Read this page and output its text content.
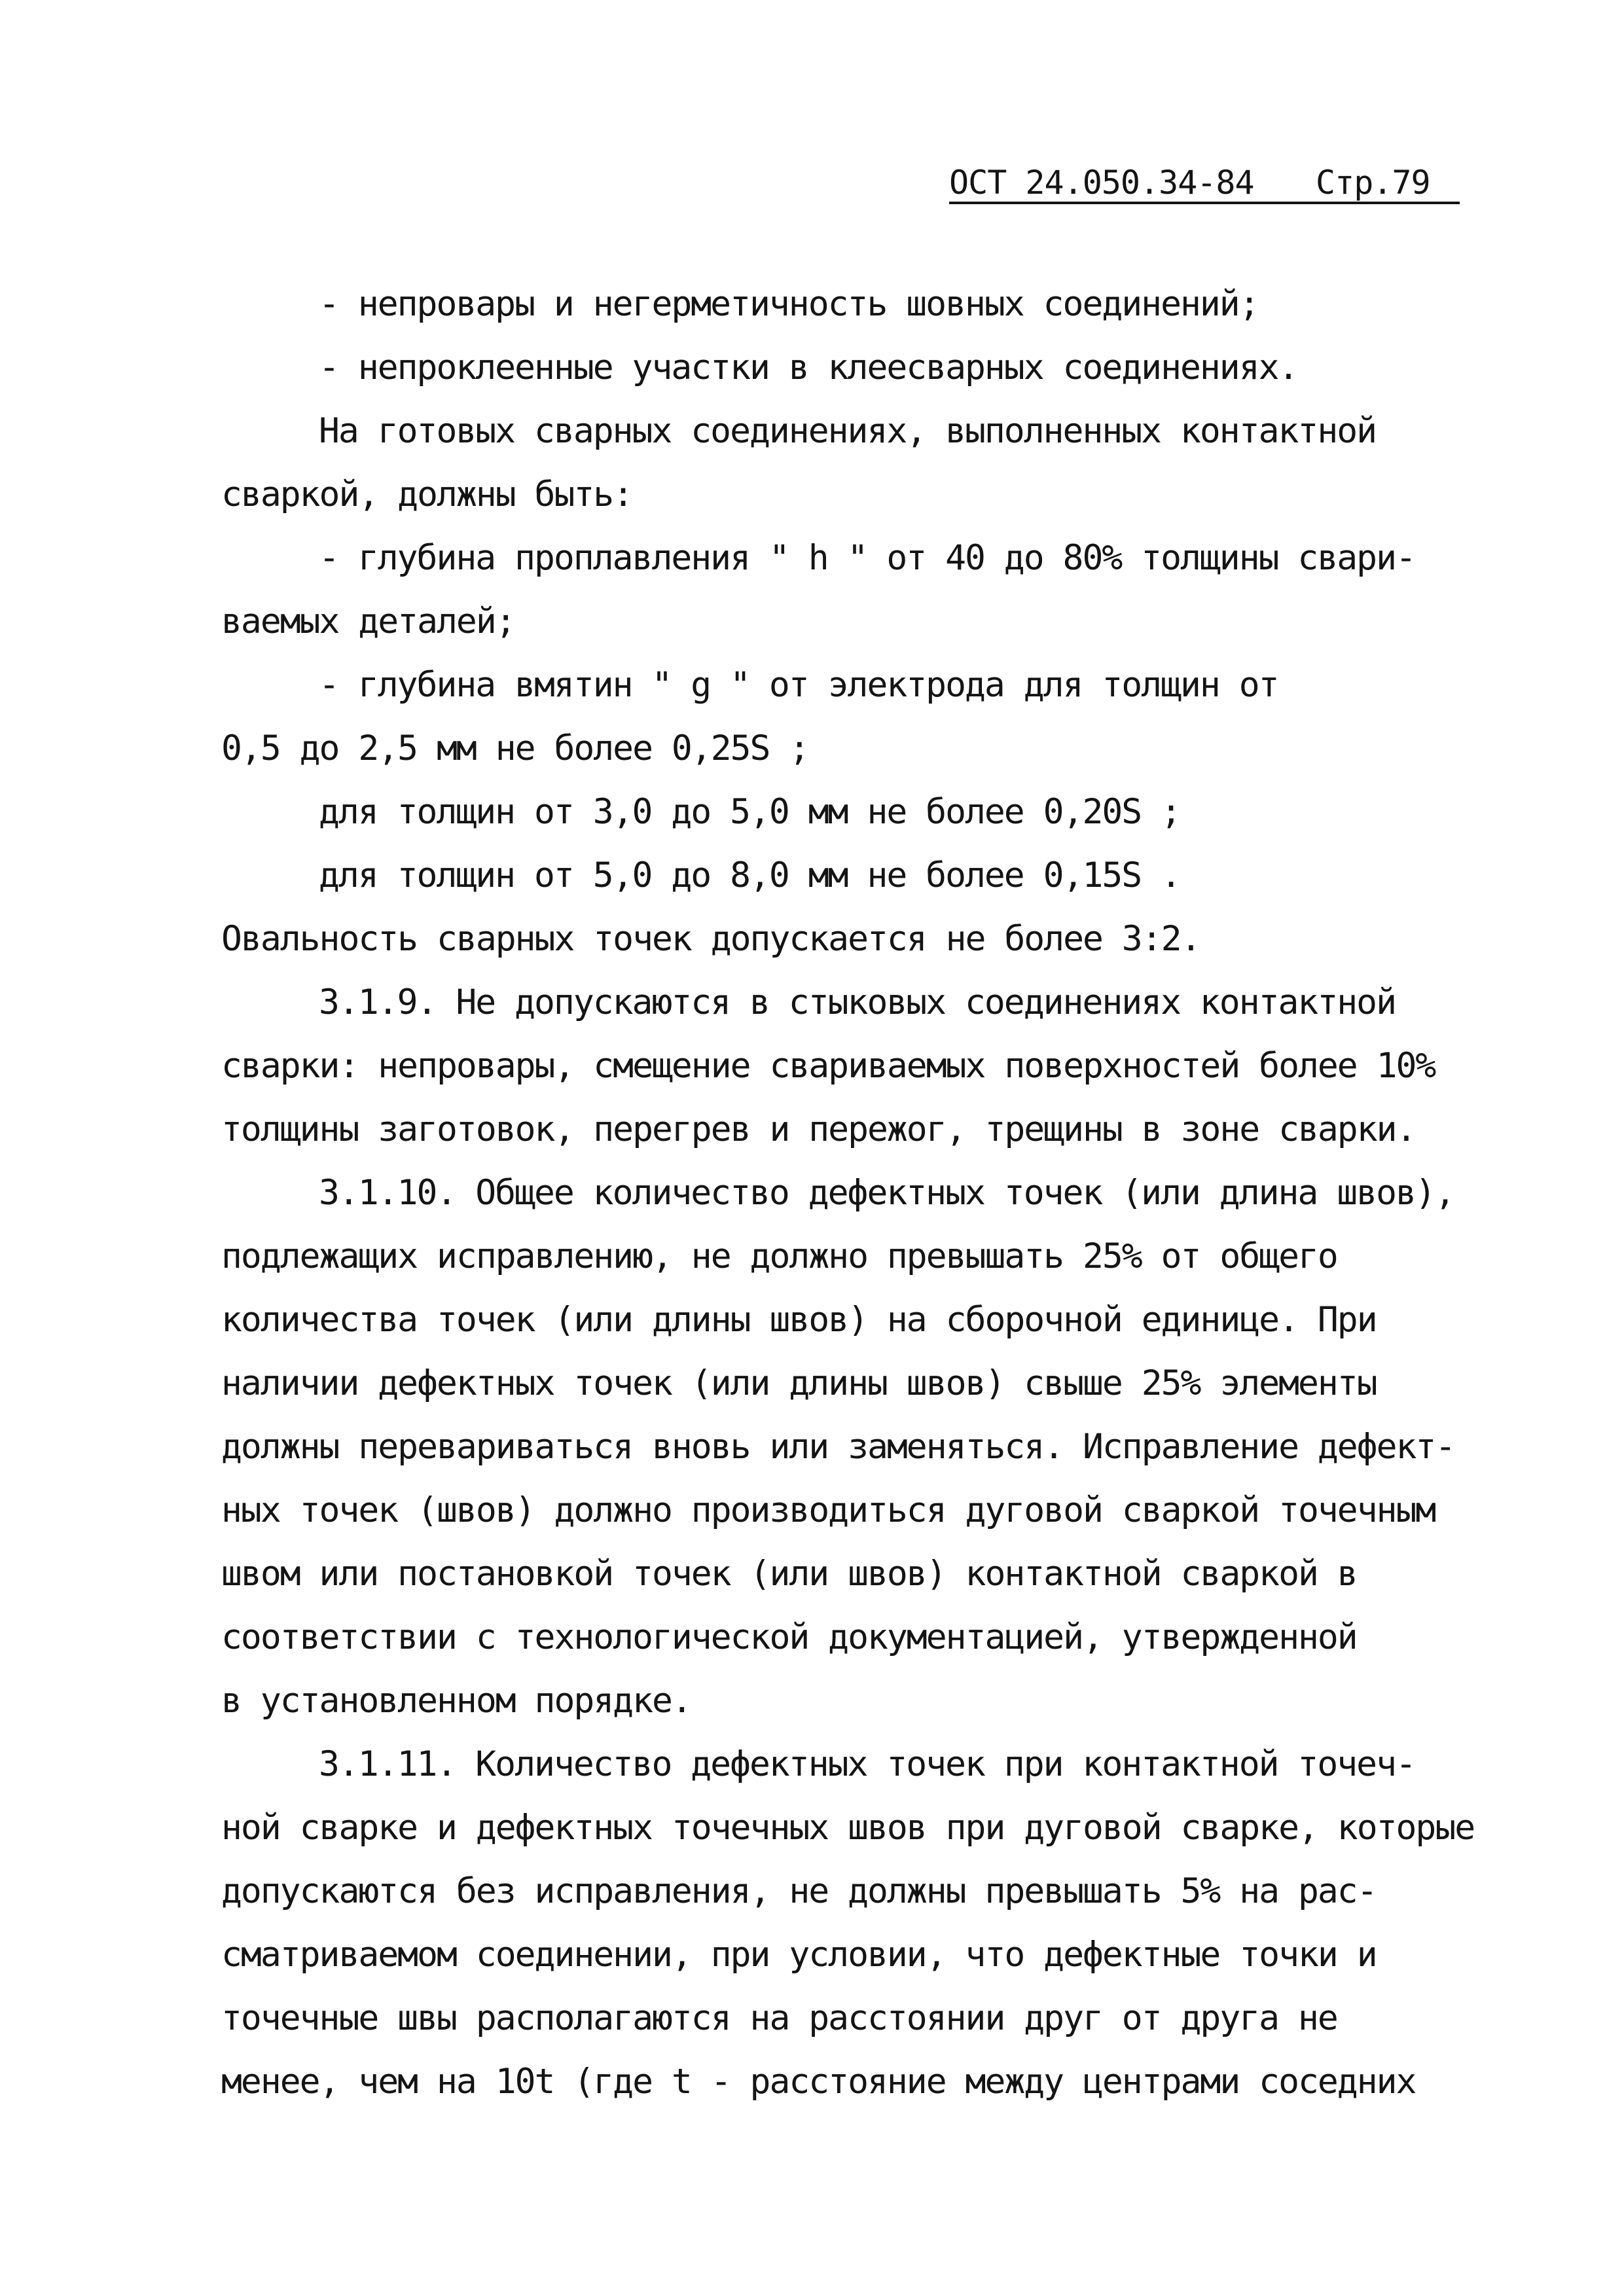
ОСТ 24.050.34-84 Стр.79
- непровары и негерметичность шовных соединений;
- непроклеенные участки в клеесварных соединениях.
На готовых сварных соединениях, выполненных контактной
сваркой, должны быть:
- глубина проплавления " h " от 40 до 80% толщины свари-
ваемых деталей;
- глубина вмятин " g " от электрода для толщин от
0,5 до 2,5 мм не более 0,25S ;
для толщин от 3,0 до 5,0 мм не более 0,20S ;
для толщин от 5,0 до 8,0 мм не более 0,15S .
Овальность сварных точек допускается не более 3:2.
3.1.9. Не допускаются в стыковых соединениях контактной
сварки: непровары, смещение свариваемых поверхностей более 10%
толщины заготовок, перегрев и пережог, трещины в зоне сварки.
3.1.10. Общее количество дефектных точек (или длина швов),
подлежащих исправлению, не должно превышать 25% от общего
количества точек (или длины швов) на сборочной единице. При
наличии дефектных точек (или длины швов) свыше 25% элементы
должны перевариваться вновь или заменяться. Исправление дефект-
ных точек (швов) должно производиться дуговой сваркой точечным
швом или постановкой точек (или швов) контактной сваркой в
соответствии с технологической документацией, утвержденной
в установленном порядке.
3.1.11. Количество дефектных точек при контактной точеч-
ной сварке и дефектных точечных швов при дуговой сварке, которые
допускаются без исправления, не должны превышать 5% на рас-
сматриваемом соединении, при условии, что дефектные точки и
точечные швы располагаются на расстоянии друг от друга не
менее, чем на 10t (где t - расстояние между центрами соседних
